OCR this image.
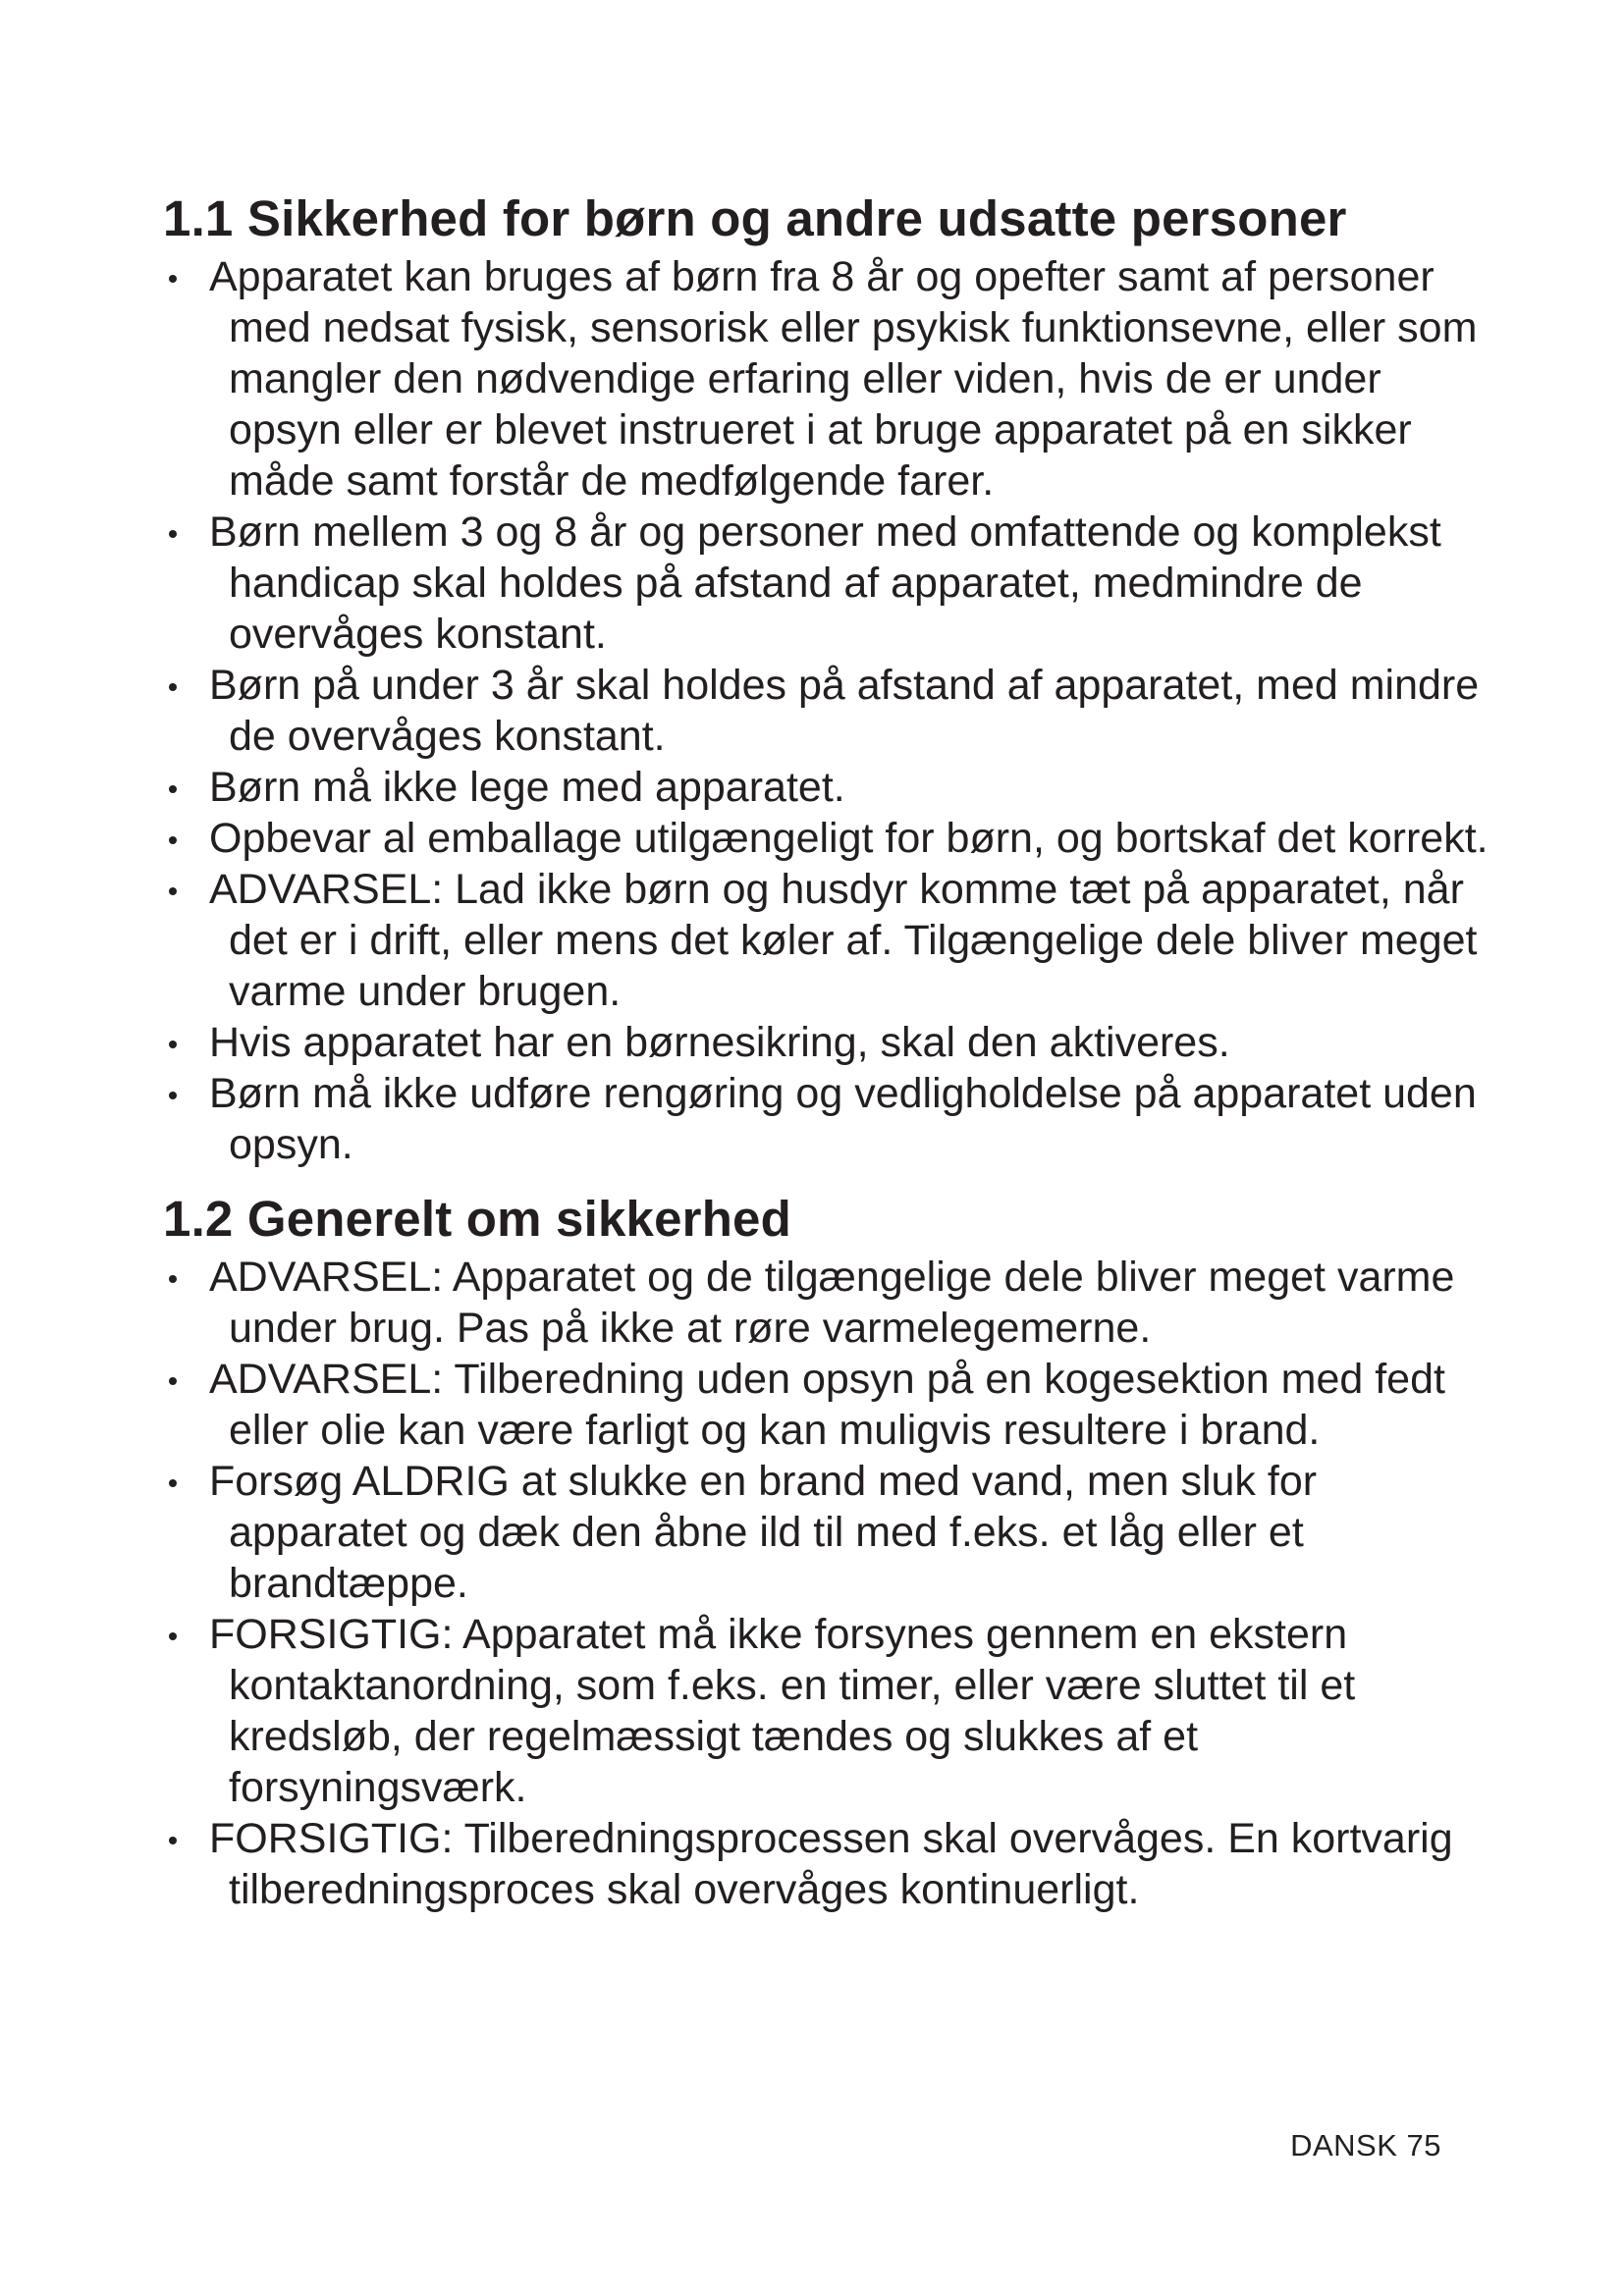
1.1 Sikkerhed for børn og andre udsatte personer
Apparatet kan bruges af børn fra 8 år og opefter samt af personer med nedsat fysisk, sensorisk eller psykisk funktionsevne, eller som mangler den nødvendige erfaring eller viden, hvis de er under opsyn eller er blevet instrueret i at bruge apparatet på en sikker måde samt forstår de medfølgende farer.
Børn mellem 3 og 8 år og personer med omfattende og komplekst handicap skal holdes på afstand af apparatet, medmindre de overvåges konstant.
Børn på under 3 år skal holdes på afstand af apparatet, med mindre de overvåges konstant.
Børn må ikke lege med apparatet.
Opbevar al emballage utilgængeligt for børn, og bortskaf det korrekt.
ADVARSEL: Lad ikke børn og husdyr komme tæt på apparatet, når det er i drift, eller mens det køler af. Tilgængelige dele bliver meget varme under brugen.
Hvis apparatet har en børnesikring, skal den aktiveres.
Børn må ikke udføre rengøring og vedligholdelse på apparatet uden opsyn.
1.2 Generelt om sikkerhed
ADVARSEL: Apparatet og de tilgængelige dele bliver meget varme under brug. Pas på ikke at røre varmelegemerne.
ADVARSEL: Tilberedning uden opsyn på en kogesektion med fedt eller olie kan være farligt og kan muligvis resultere i brand.
Forsøg ALDRIG at slukke en brand med vand, men sluk for apparatet og dæk den åbne ild til med f.eks. et låg eller et brandtæppe.
FORSIGTIG: Apparatet må ikke forsynes gennem en ekstern kontaktanordning, som f.eks. en timer, eller være sluttet til et kredsløb, der regelmæssigt tændes og slukkes af et forsyningsværk.
FORSIGTIG: Tilberedningsprocessen skal overvåges. En kortvarig tilberedningsproces skal overvåges kontinuerligt.
DANSK 75
